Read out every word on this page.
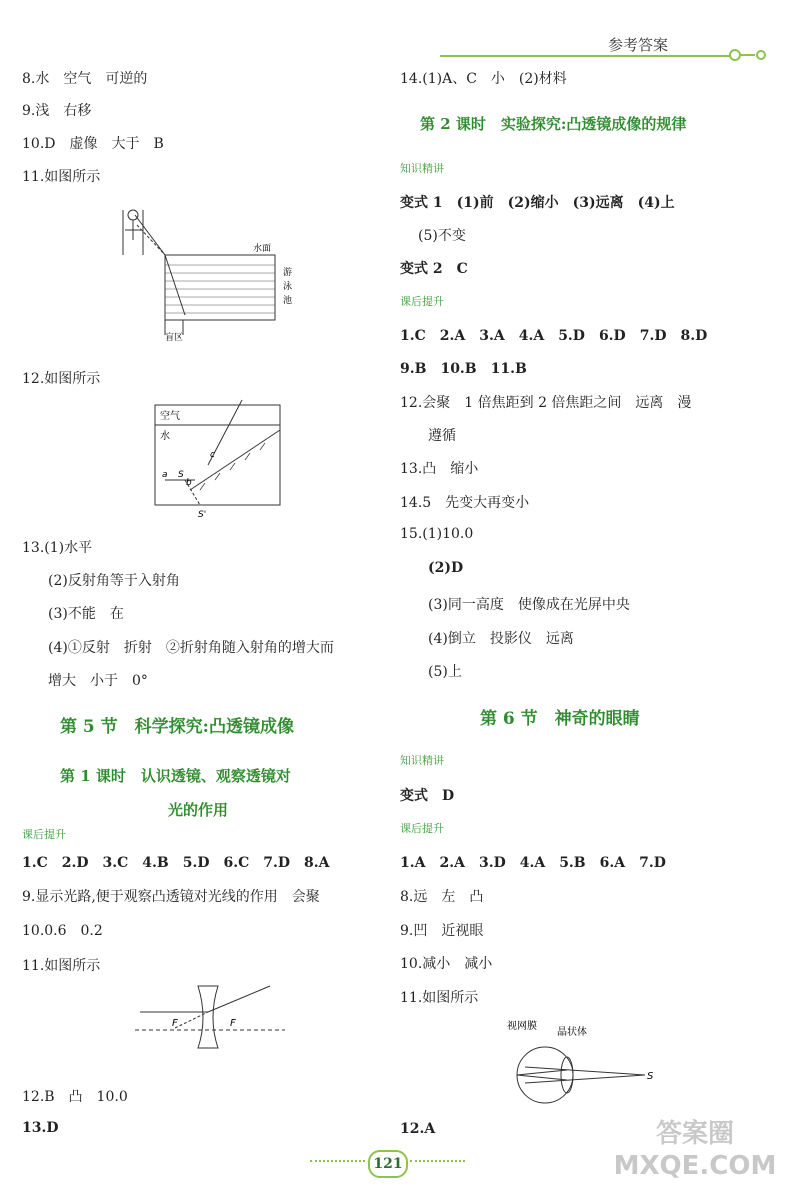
参考答案
8.水　空气　可逆的
9.浅　右移
10.D　虚像　大于　B
11.如图所示
水面
游
泳
池
盲区
12.如图所示
空气
水
a
b
c
S
S'
13.(1)水平
(2)反射角等于入射角
(3)不能　在
(4)①反射　折射　②折射角随入射角的增大而
增大　小于　0°
第 5 节　科学探究:凸透镜成像
第 1 课时　认识透镜、观察透镜对
光的作用
课后提升
1.C　2.D　3.C　4.B　5.D　6.C　7.D　8.A
9.显示光路,便于观察凸透镜对光线的作用　会聚
10.0.6　0.2
11.如图所示
F	F
12.B　凸　10.0
13.D
14.(1)A、C　小　(2)材料
第 2 课时　实验探究:凸透镜成像的规律
知识精讲
变式 1　(1)前　(2)缩小　(3)远离　(4)上
(5)不变
变式 2　C
课后提升
1.C　2.A　3.A　4.A　5.D　6.D　7.D　8.D
9.B　10.B　11.B
12.会聚　1 倍焦距到 2 倍焦距之间　远离　漫
遵循
13.凸　缩小
14.5　先变大再变小
15.(1)10.0
(2)D
(3)同一高度　使像成在光屏中央
(4)倒立　投影仪　远离
(5)上
第 6 节　神奇的眼睛
知识精讲
变式　D
课后提升
1.A　2.A　3.D　4.A　5.B　6.A　7.D
8.远　左　凸
9.凹　近视眼
10.减小　减小
11.如图所示
视网膜
晶状体
S
12.A
121
答案圈 MXQE.COM
